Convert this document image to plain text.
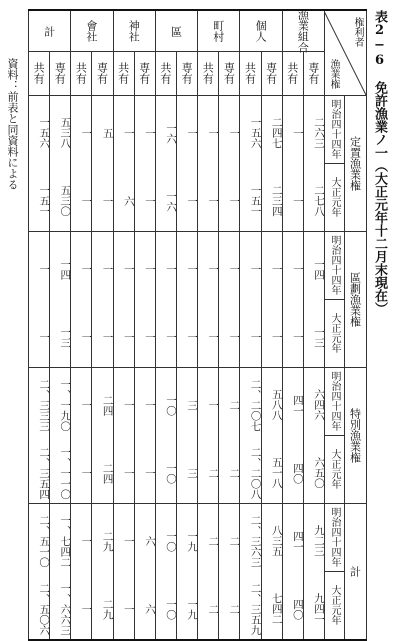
表2−6　免許漁業ノ一（大正元年十二月末現在）
資料：前表と同資料による
権利者
漁業権
漁業組合
個人
町村
區
神社
會社
計
専有
共有
専有
共有
専有
共有
専有
共有
専有
共有
専有
共有
専有
共有
定置漁業権
明治四十四年
二六三
一
二四七
一五六
一
一
一
一六
一
一
五
一
五三八
一五六
大正元年
二七八
一
二三四
一五一
一
一
一
一六
一
六
一
一
五三〇
一五一
區劃漁業権
明治四十四年
一四
一
一
一
一
一
一
一
一
一
一
一
一四
一
大正元年
一三
一
一
一
一
一
一
一
一
一
一
一
一三
一
特別漁業権
明治四十四年
六四六
四一
五八八
二、二〇七
二
一
三
一〇
一
一
二四
一
一、一九〇
二、三三三
大正元年
六五〇
四〇
五一八
二、二〇八
二
二
三
一〇
一
一
二四
一
一、一一〇
二、三五四
計
明治四十四年
九二三
四一
八三五
二、三六三
二
二
一九
一〇
六
一
二九
一
一、七四二
二、五一〇
大正元年
九四一
四〇
七四二
二、三五九
二
二
一九
一〇
六
一
二九
一
一、六六三
二、五〇六
